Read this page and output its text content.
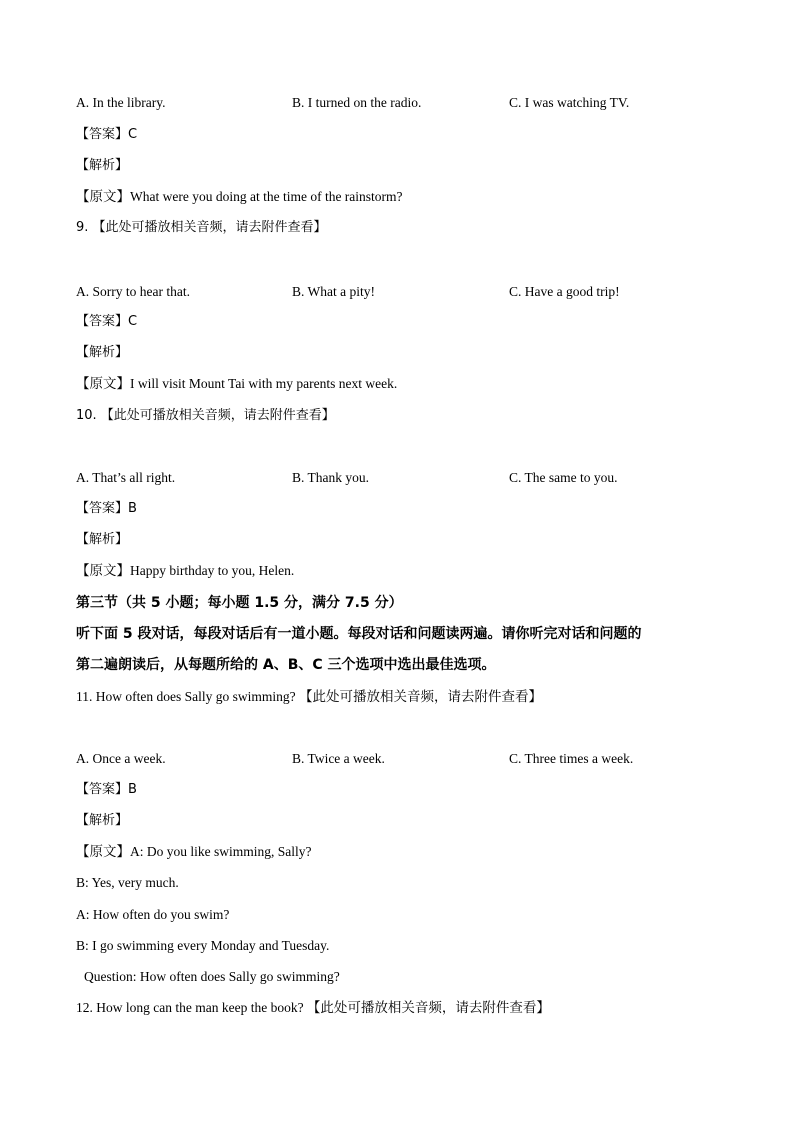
A. In the library.	B. I turned on the radio.	C. I was watching TV.
【答案】C
【解析】
【原文】What were you doing at the time of the rainstorm?
9. 【此处可播放相关音频，请去附件查看】
A. Sorry to hear that.	B. What a pity!	C. Have a good trip!
【答案】C
【解析】
【原文】I will visit Mount Tai with my parents next week.
10. 【此处可播放相关音频，请去附件查看】
A. That’s all right.	B. Thank you.	C. The same to you.
【答案】B
【解析】
【原文】Happy birthday to you, Helen.
第三节（共 5 小题；每小题 1.5 分，满分 7.5 分）
听下面 5 段对话，每段对话后有一道小题。每段对话和问题读两遍。请你听完对话和问题的
第二遍朗读后，从每题所给的 A、B、C 三个选项中选出最佳选项。
11. How often does Sally go swimming? 【此处可播放相关音频，请去附件查看】
A. Once a week.	B. Twice a week.	C. Three times a week.
【答案】B
【解析】
【原文】A: Do you like swimming, Sally?
B: Yes, very much.
A: How often do you swim?
B: I go swimming every Monday and Tuesday.
Question: How often does Sally go swimming?
12. How long can the man keep the book? 【此处可播放相关音频，请去附件查看】
